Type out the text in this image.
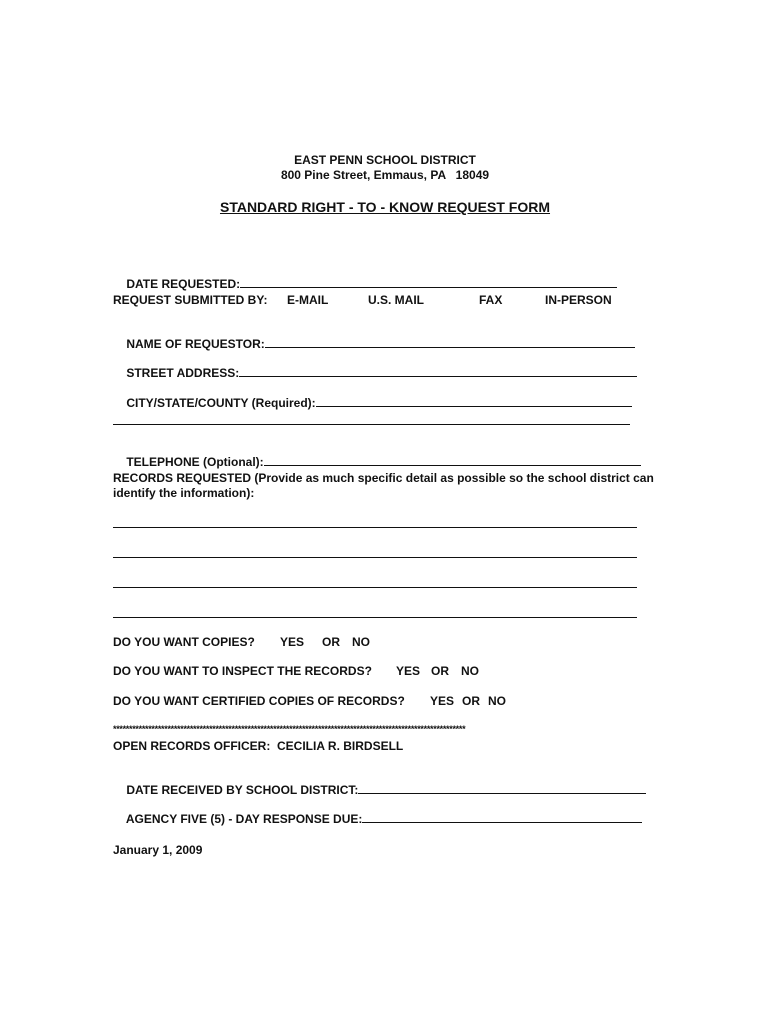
EAST PENN SCHOOL DISTRICT
800 Pine Street, Emmaus, PA   18049
STANDARD RIGHT - TO - KNOW REQUEST FORM

DATE REQUESTED:

REQUEST SUBMITTED BY: E-MAIL	U.S. MAIL	FAX	IN-PERSON

NAME OF REQUESTOR:

STREET ADDRESS:

CITY/STATE/COUNTY (Required):

TELEPHONE (Optional):

RECORDS REQUESTED (Provide as much specific detail as possible so the school district can identify the information):
DO YOU WANT COPIES? YES OR NO
DO YOU WANT TO INSPECT THE RECORDS? YES OR NO
DO YOU WANT CERTIFIED COPIES OF RECORDS? YES OR NO
**************************************************************************************************************
OPEN RECORDS OFFICER:  CECILIA R. BIRDSELL

DATE RECEIVED BY SCHOOL DISTRICT:

AGENCY FIVE (5) - DAY RESPONSE DUE:

January 1, 2009
